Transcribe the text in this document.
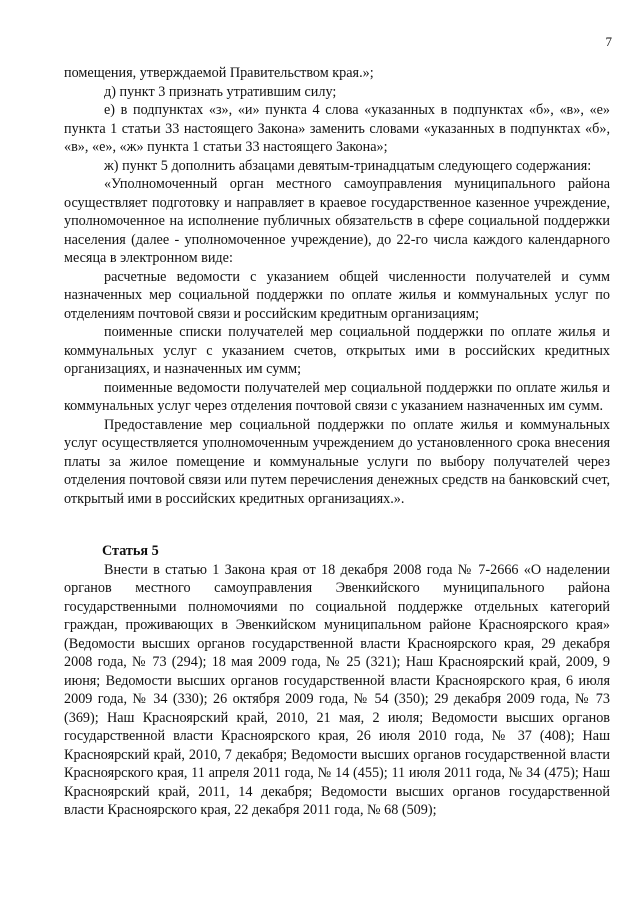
7

помещения, утверждаемой Правительством края.»;

д) пункт 3 признать утратившим силу;

е) в подпунктах «з», «и» пункта 4 слова «указанных в подпунктах «б», «в», «е» пункта 1 статьи 33 настоящего Закона» заменить словами «указанных в подпунктах «б», «в», «е», «ж» пункта 1 статьи 33 настоящего Закона»;

ж) пункт 5 дополнить абзацами девятым-тринадцатым следующего содержания:

«Уполномоченный орган местного самоуправления муниципального района осуществляет подготовку и направляет в краевое государственное казенное учреждение, уполномоченное на исполнение публичных обязательств в сфере социальной поддержки населения (далее - уполномоченное учреждение), до 22-го числа каждого календарного месяца в электронном виде:

расчетные ведомости с указанием общей численности получателей и сумм назначенных мер социальной поддержки по оплате жилья и коммунальных услуг по отделениям почтовой связи и российским кредитным организациям;

поименные списки получателей мер социальной поддержки по оплате жилья и коммунальных услуг с указанием счетов, открытых ими в российских кредитных организациях, и назначенных им сумм;

поименные ведомости получателей мер социальной поддержки по оплате жилья и коммунальных услуг через отделения почтовой связи с указанием назначенных им сумм.

Предоставление мер социальной поддержки по оплате жилья и коммунальных услуг осуществляется уполномоченным учреждением до установленного срока внесения платы за жилое помещение и коммунальные услуги по выбору получателей через отделения почтовой связи или путем перечисления денежных средств на банковский счет, открытый ими в российских кредитных организациях.».

Статья 5

Внести в статью 1 Закона края от 18 декабря 2008 года № 7-2666 «О наделении органов местного самоуправления Эвенкийского муниципального района государственными полномочиями по социальной поддержке отдельных категорий граждан, проживающих в Эвенкийском муниципальном районе Красноярского края» (Ведомости высших органов государственной власти Красноярского края, 29 декабря 2008 года, № 73 (294); 18 мая 2009 года, № 25 (321); Наш Красноярский край, 2009, 9 июня; Ведомости высших органов государственной власти Красноярского края, 6 июля 2009 года, № 34 (330); 26 октября 2009 года, № 54 (350); 29 декабря 2009 года, № 73 (369); Наш Красноярский край, 2010, 21 мая, 2 июля; Ведомости высших органов государственной власти Красноярского края, 26 июля 2010 года, № 37 (408); Наш Красноярский край, 2010, 7 декабря; Ведомости высших органов государственной власти Красноярского края, 11 апреля 2011 года, № 14 (455); 11 июля 2011 года, № 34 (475); Наш Красноярский край, 2011, 14 декабря; Ведомости высших органов государственной власти Красноярского края, 22 декабря 2011 года, № 68 (509);
